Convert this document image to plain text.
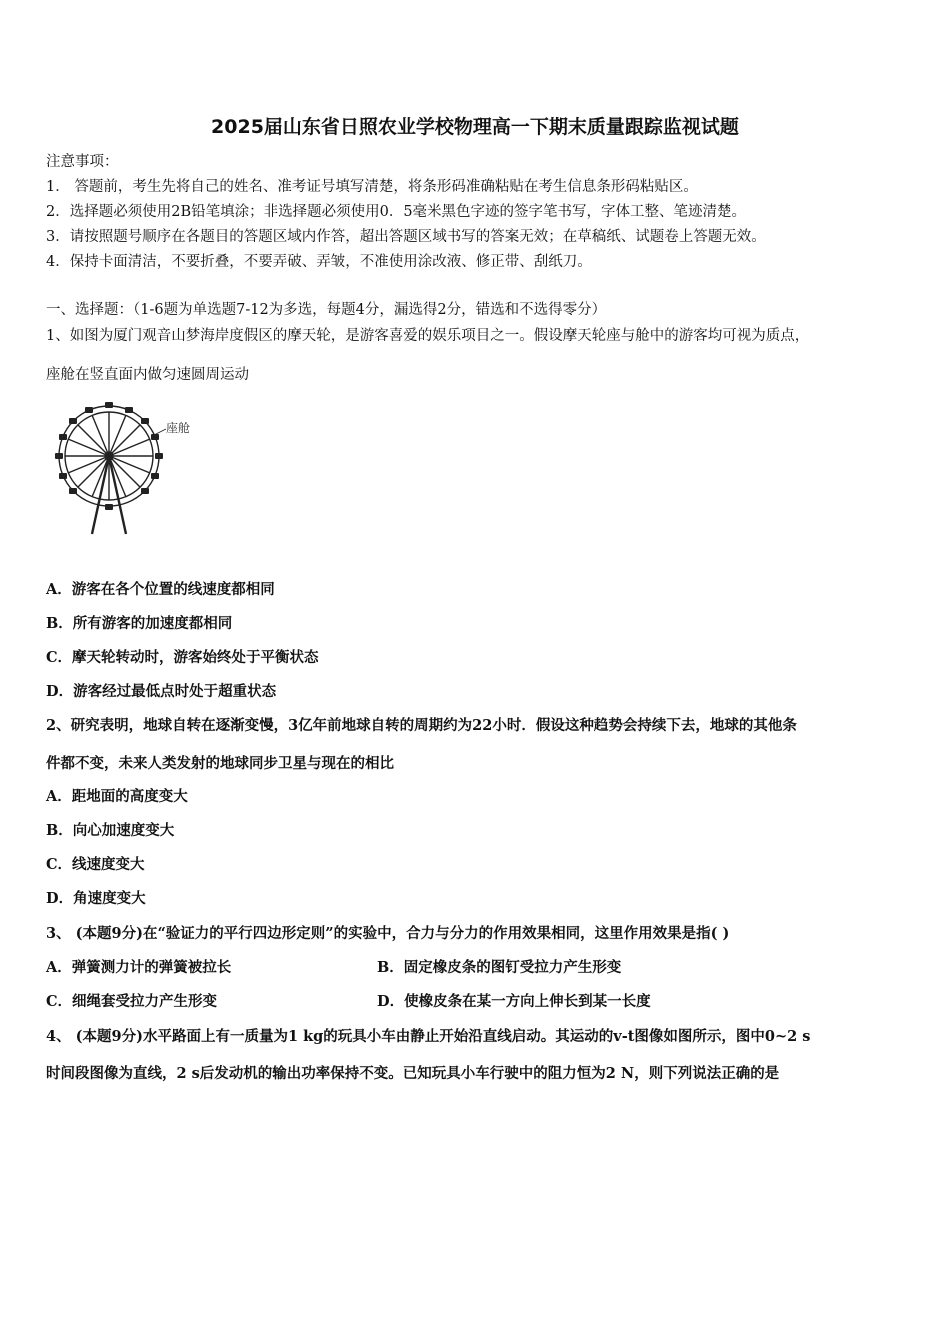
2025届山东省日照农业学校物理高一下期末质量跟踪监视试题
注意事项：
1． 答题前，考生先将自己的姓名、准考证号填写清楚，将条形码准确粘贴在考生信息条形码粘贴区。
2．选择题必须使用2B铅笔填涂；非选择题必须使用0．5毫米黑色字迹的签字笔书写，字体工整、笔迹清楚。
3．请按照题号顺序在各题目的答题区域内作答，超出答题区域书写的答案无效；在草稿纸、试题卷上答题无效。
4．保持卡面清洁，不要折叠，不要弄破、弄皱，不准使用涂改液、修正带、刮纸刀。
一、选择题：（1-6题为单选题7-12为多选，每题4分，漏选得2分，错选和不选得零分）
1、如图为厦门观音山梦海岸度假区的摩天轮，是游客喜爱的娱乐项目之一。假设摩天轮座与舱中的游客均可视为质点，
座舱在竖直面内做匀速圆周运动
座舱
A．游客在各个位置的线速度都相同
B．所有游客的加速度都相同
C．摩天轮转动时，游客始终处于平衡状态
D．游客经过最低点时处于超重状态
2、研究表明，地球自转在逐渐变慢，3亿年前地球自转的周期约为22小时．假设这种趋势会持续下去，地球的其他条
件都不变，未来人类发射的地球同步卫星与现在的相比
A．距地面的高度变大
B．向心加速度变大
C．线速度变大
D．角速度变大
3、 (本题9分)在“验证力的平行四边形定则”的实验中，合力与分力的作用效果相同，这里作用效果是指( )
A．弹簧测力计的弹簧被拉长	B．固定橡皮条的图钉受拉力产生形变
C．细绳套受拉力产生形变	D．使橡皮条在某一方向上伸长到某一长度
4、 (本题9分)水平路面上有一质量为1 kg的玩具小车由静止开始沿直线启动。其运动的v-t图像如图所示，图中0~2 s
时间段图像为直线，2 s后发动机的输出功率保持不变。已知玩具小车行驶中的阻力恒为2 N，则下列说法正确的是
